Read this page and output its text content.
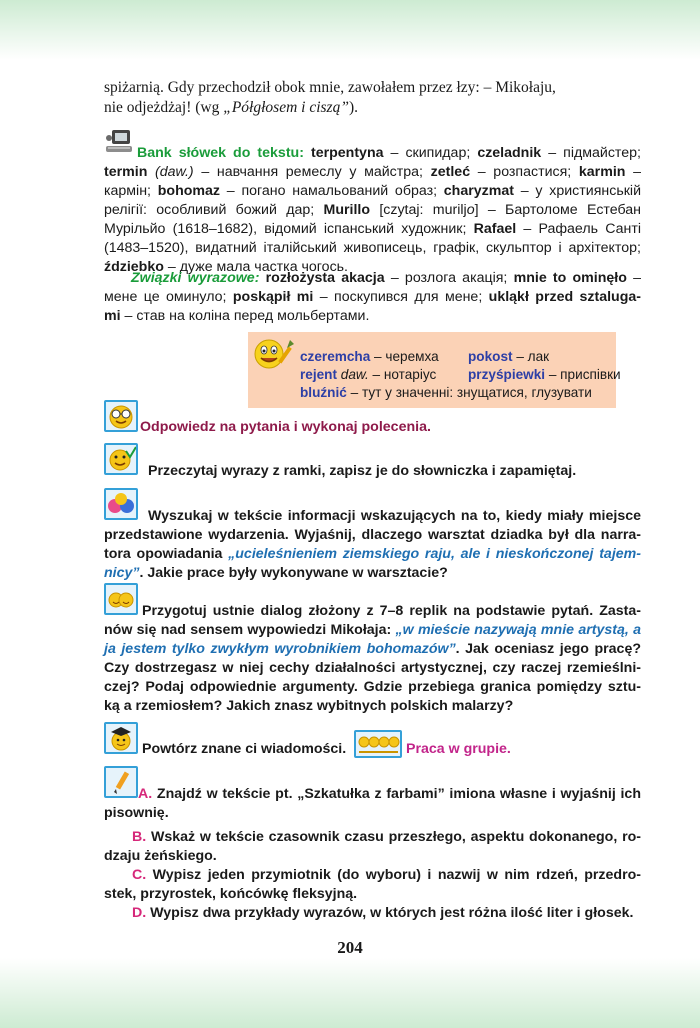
spiżarnią. Gdy przechodził obok mnie, zawołałem przez łzy: – Mikołaju,
nie odjeżdżaj! (wg „Półgłosem i ciszą”).
Bank słówek do tekstu: terpentyna – скипидар; czeladnik – підмайстер;
termin (daw.) – навчання ремеслу у майстра; zetleć – розпастися; karmin –
кармін; bohomaz – погано намальований образ; charyzmat – у християнській
релігії: особливий божий дар; Murillo [czytaj: muriljo] – Бартоломе Естебан
Мурільйо (1618–1682), відомий іспанський художник; Rafael – Рафаель Санті
(1483–1520), видатний італійський живописець, графік, скульптор і архітектор;
ździebko – дуже мала частка чогось.
Związki wyrazowe: rozłożysta akacja – розлога акація; mnie to ominęło –
мене це оминуло; poskąpił mi – поскупився для мене; ukląkł przed sztaluga-
mi – став на коліна перед мольбертами.
czeremcha – черемха pokost – лак
rejent daw. – нотаріус przyśpiewki – приспівки
bluźnić – тут у значенні: знущатися, глузувати
Odpowiedz na pytania i wykonaj polecenia.
Przeczytaj wyrazy z ramki, zapisz je do słowniczka i zapamiętaj.
Wyszukaj w tekście informacji wskazujących na to, kiedy miały miejsce
przedstawione wydarzenia. Wyjaśnij, dlaczego warsztat dziadka był dla narra-
tora opowiadania „ucieleśnieniem ziemskiego raju, ale i nieskończonej tajem-
nicy”. Jakie prace były wykonywane w warsztacie?
Przygotuj ustnie dialog złożony z 7–8 replik na podstawie pytań. Zasta-
nów się nad sensem wypowiedzi Mikołaja: „w mieście nazywają mnie artystą, a
ja jestem tylko zwykłym wyrobnikiem bohomazów”. Jak oceniasz jego pracę?
Czy dostrzegasz w niej cechy działalności artystycznej, czy raczej rzemieślni-
czej? Podaj odpowiednie argumenty. Gdzie przebiega granica pomiędzy sztu-
ką a rzemiosłem? Jakich znasz wybitnych polskich malarzy?
Powtórz znane ci wiadomości.	Praca w grupie.
A. Znajdź w tekście pt. „Szkatułka z farbami” imiona własne i wyjaśnij ich
pisownię.
B. Wskaż w tekście czasownik czasu przeszłego, aspektu dokonanego, ro-
dzaju żeńskiego.
C. Wypisz jeden przymiotnik (do wyboru) i nazwij w nim rdzeń, przedro-
stek, przyrostek, końcówkę fleksyjną.
D. Wypisz dwa przykłady wyrazów, w których jest różna ilość liter i głosek.
204
